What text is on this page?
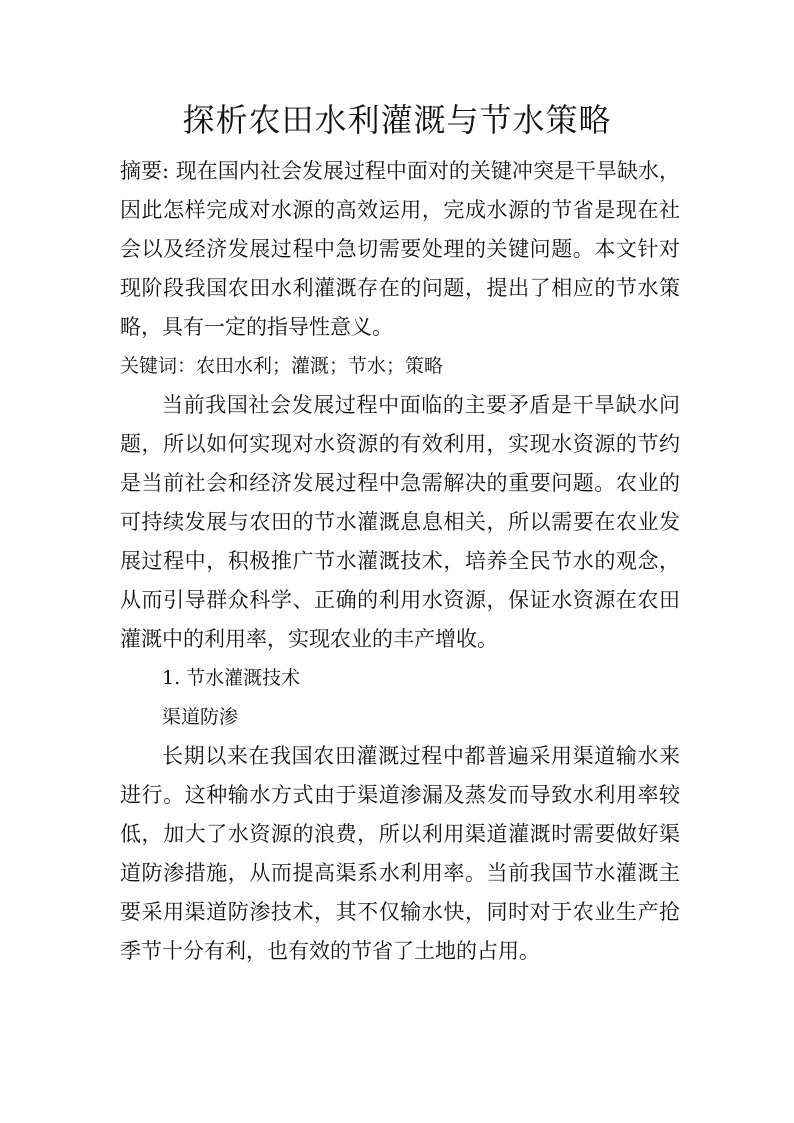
探析农田水利灌溉与节水策略

摘要: 现在国内社会发展过程中面对的关键冲突是干旱缺水，因此怎样完成对水源的高效运用，完成水源的节省是现在社会以及经济发展过程中急切需要处理的关键问题。本文针对现阶段我国农田水利灌溉存在的问题，提出了相应的节水策略，具有一定的指导性意义。

关键词：农田水利；灌溉；节水；策略

当前我国社会发展过程中面临的主要矛盾是干旱缺水问题，所以如何实现对水资源的有效利用，实现水资源的节约是当前社会和经济发展过程中急需解决的重要问题。农业的可持续发展与农田的节水灌溉息息相关，所以需要在农业发展过程中，积极推广节水灌溉技术，培养全民节水的观念，从而引导群众科学、正确的利用水资源，保证水资源在农田灌溉中的利用率，实现农业的丰产增收。

1. 节水灌溉技术

渠道防渗

长期以来在我国农田灌溉过程中都普遍采用渠道输水来进行。这种输水方式由于渠道渗漏及蒸发而导致水利用率较低，加大了水资源的浪费，所以利用渠道灌溉时需要做好渠道防渗措施，从而提高渠系水利用率。当前我国节水灌溉主要采用渠道防渗技术，其不仅输水快，同时对于农业生产抢季节十分有利，也有效的节省了土地的占用。
